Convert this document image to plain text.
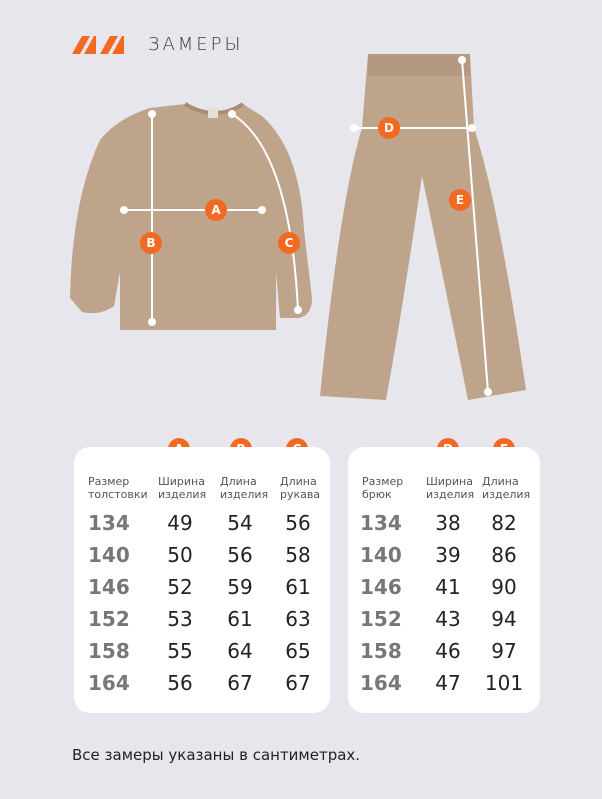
ЗАМЕРЫ
A
B	C
D
E
Размер толстовки
Ширина изделия
Длина изделия
Длина рукава
134	49	54	56
140	50	56	58
146	52	59	61
152	53	61	63
158	55	64	65
164	56	67	67
Размер брюк
Ширина изделия
Длина изделия
134	38	82
140	39	86
146	41	90
152	43	94
158	46	97
164	47	101
Все замеры указаны в сантиметрах.
